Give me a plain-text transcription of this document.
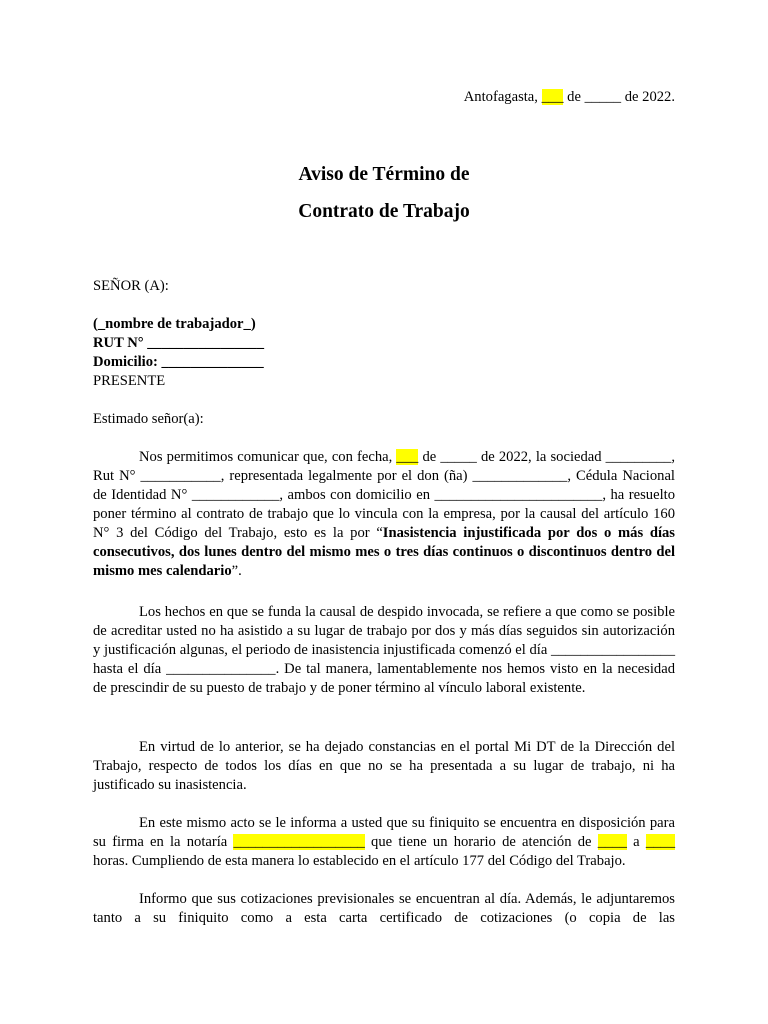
Antofagasta, ___ de _____ de 2022.
Aviso de Término de
Contrato de Trabajo
SEÑOR (A):
(_nombre de trabajador_)
RUT N° ________________
Domicilio: ______________
PRESENTE
Estimado señor(a):
Nos permitimos comunicar que, con fecha, ___ de _____ de 2022, la sociedad _________, Rut N° ___________, representada legalmente por el don (ña) _____________, Cédula Nacional de Identidad N° ____________, ambos con domicilio en _______________________, ha resuelto poner término al contrato de trabajo que lo vincula con la empresa, por la causal del artículo 160 N° 3 del Código del Trabajo, esto es la por “Inasistencia injustificada por dos o más días consecutivos, dos lunes dentro del mismo mes o tres días continuos o discontinuos dentro del mismo mes calendario”.
Los hechos en que se funda la causal de despido invocada, se refiere a que como se posible de acreditar usted no ha asistido a su lugar de trabajo por dos y más días seguidos sin autorización y justificación algunas, el periodo de inasistencia injustificada comenzó el día _________________ hasta el día _______________. De tal manera, lamentablemente nos hemos visto en la necesidad de prescindir de su puesto de trabajo y de poner término al vínculo laboral existente.
En virtud de lo anterior, se ha dejado constancias en el portal Mi DT de la Dirección del Trabajo, respecto de todos los días en que no se ha presentada a su lugar de trabajo, ni ha justificado su inasistencia.
En este mismo acto se le informa a usted que su finiquito se encuentra en disposición para su firma en la notaría __________________ que tiene un horario de atención de ____ a ____ horas. Cumpliendo de esta manera lo establecido en el artículo 177 del Código del Trabajo.
Informo que sus cotizaciones previsionales se encuentran al día. Además, le adjuntaremos tanto a su finiquito como a esta carta certificado de cotizaciones (o copia de las
